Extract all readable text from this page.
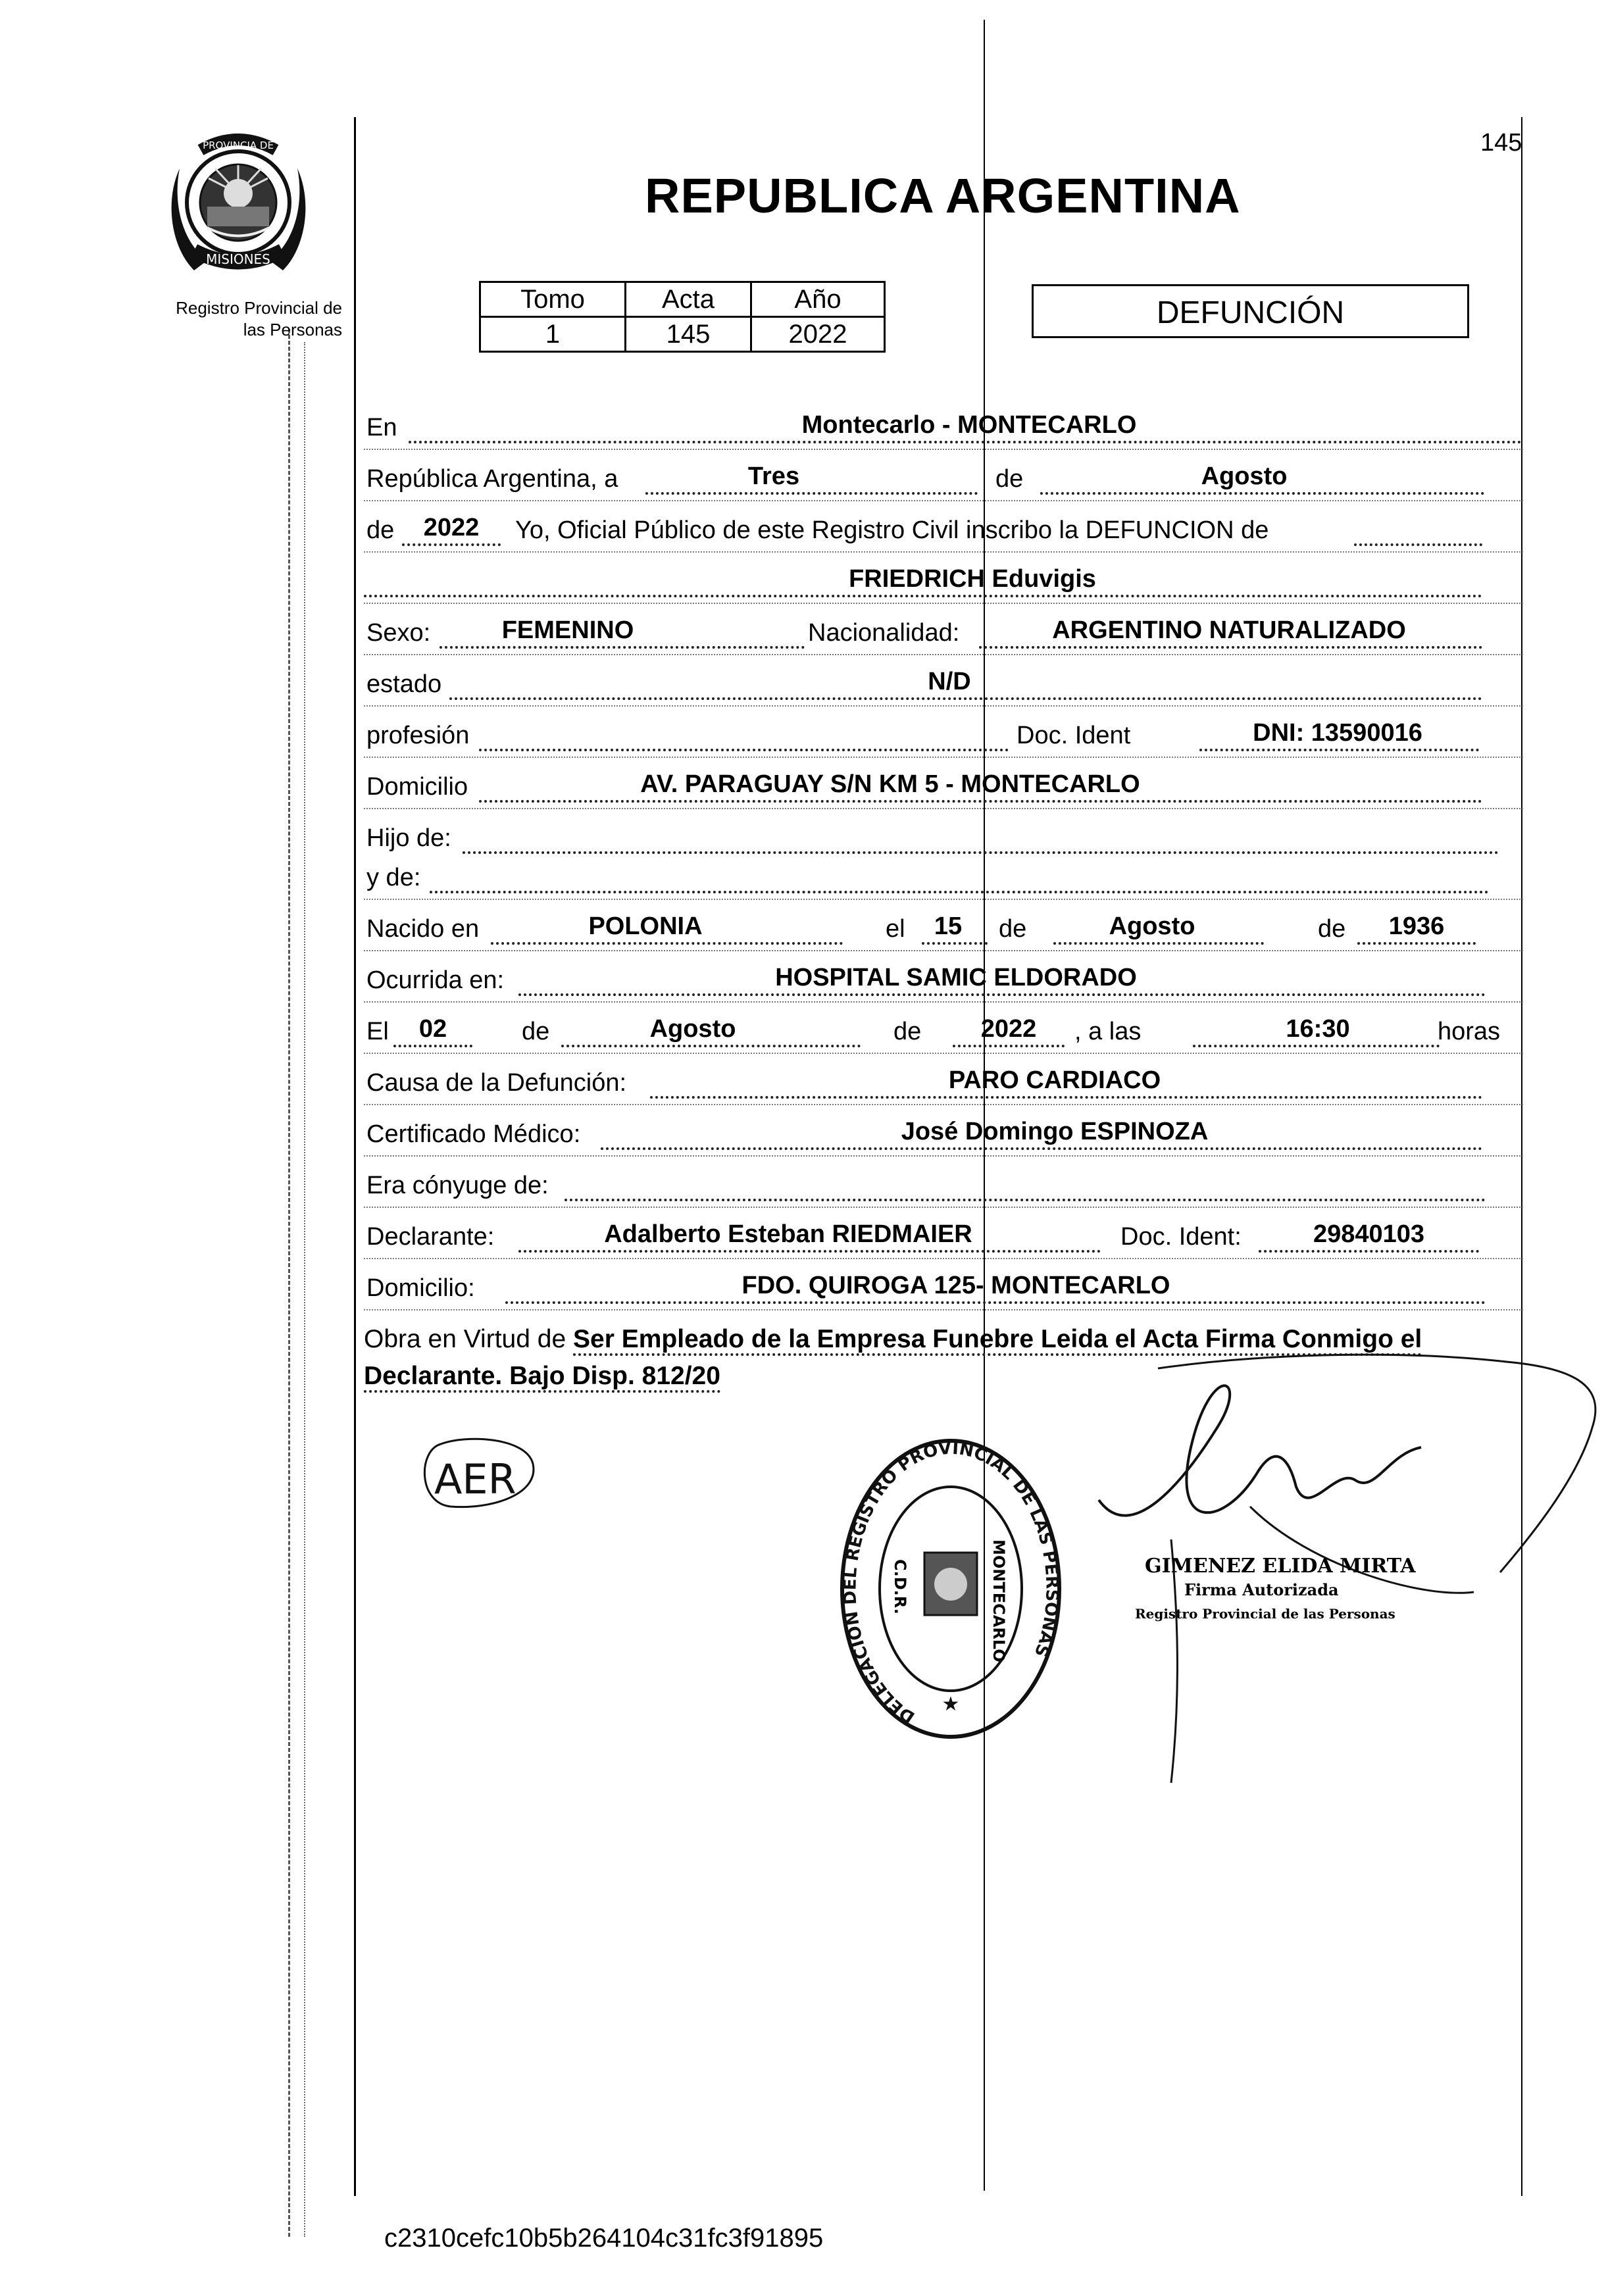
145
PROVINCIA DE
MISIONES
Registro Provincial de
las Personas
REPUBLICA ARGENTINA
Tomo	Acta	Año
1	145	2022
DEFUNCIÓN
En	Montecarlo - MONTECARLO
República Argentina, a	Tres	de	Agosto
de	2022	Yo, Oficial Público de este Registro Civil inscribo la DEFUNCION de
FRIEDRICH Eduvigis
Sexo:	FEMENINO	Nacionalidad:	ARGENTINO NATURALIZADO
estado	N/D
profesión	Doc. Ident	DNI: 13590016
Domicilio	AV. PARAGUAY S/N KM 5 - MONTECARLO
Hijo de:
y de:
Nacido en	POLONIA	el	15	de	Agosto	de	1936
Ocurrida en:	HOSPITAL SAMIC ELDORADO
El	02	de	Agosto	de	2022	, a las	16:30	horas
Causa de la Defunción:	PARO CARDIACO
Certificado Médico:	José Domingo ESPINOZA
Era cónyuge de:
Declarante:	Adalberto Esteban RIEDMAIER	Doc. Ident:	29840103
Domicilio:	FDO. QUIROGA 125- MONTECARLO
Obra en Virtud de Ser Empleado de la Empresa Funebre Leida el Acta Firma Conmigo el
Declarante. Bajo Disp. 812/20
AER
DELEGACION DEL REGISTRO PROVINCIAL DE LAS PERSONAS
C.D.R.	MONTECARLO
★
GIMENEZ ELIDA MIRTA
Firma Autorizada
Registro Provincial de las Personas
c2310cefc10b5b264104c31fc3f91895
